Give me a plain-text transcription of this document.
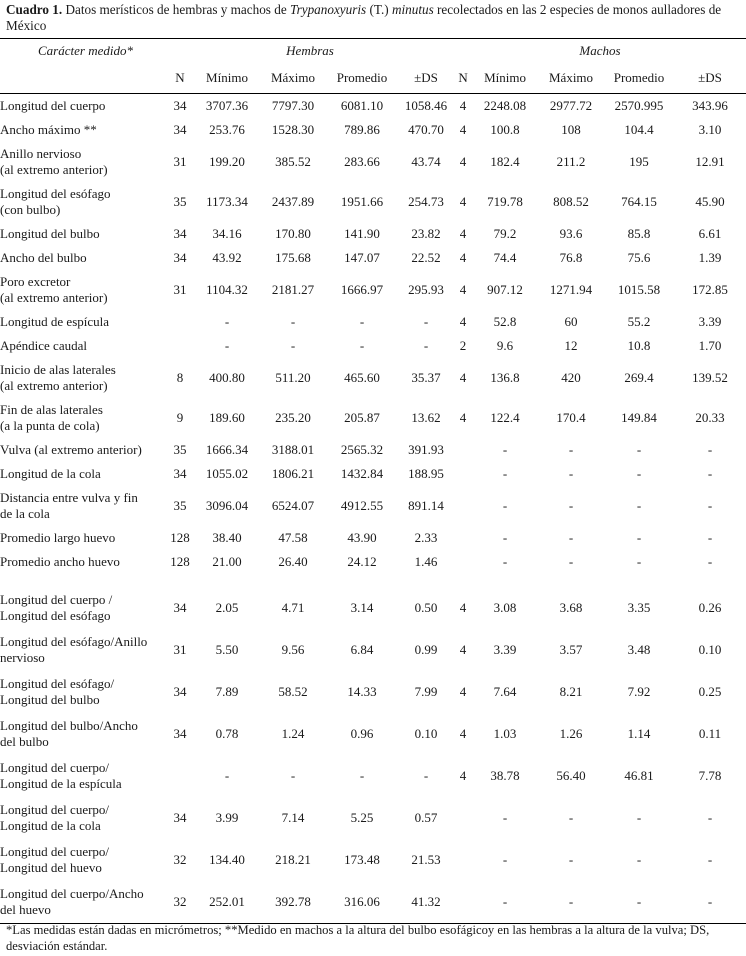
Cuadro 1. Datos merísticos de hembras y machos de Trypanoxyuris (T.) minutus recolectados en las 2 especies de monos aulladores de México
Carácter medido*	Hembras					Machos				
	N	Mínimo	Máximo	Promedio	±DS	N	Mínimo	Máximo	Promedio	±DS
Longitud del cuerpo	34	3707.36	7797.30	6081.10	1058.46	4	2248.08	2977.72	2570.995	343.96
Ancho máximo **	34	253.76	1528.30	789.86	470.70	4	100.8	108	104.4	3.10
Anillo nervioso
(al extremo anterior)	31	199.20	385.52	283.66	43.74	4	182.4	211.2	195	12.91
Longitud del esófago
(con bulbo)	35	1173.34	2437.89	1951.66	254.73	4	719.78	808.52	764.15	45.90
Longitud del bulbo	34	34.16	170.80	141.90	23.82	4	79.2	93.6	85.8	6.61
Ancho del bulbo	34	43.92	175.68	147.07	22.52	4	74.4	76.8	75.6	1.39
Poro excretor
(al extremo anterior)	31	1104.32	2181.27	1666.97	295.93	4	907.12	1271.94	1015.58	172.85
Longitud de espícula		-	-	-	-	4	52.8	60	55.2	3.39
Apéndice caudal		-	-	-	-	2	9.6	12	10.8	1.70
Inicio de alas laterales
(al extremo anterior)	8	400.80	511.20	465.60	35.37	4	136.8	420	269.4	139.52
Fin de alas laterales
(a la punta de cola)	9	189.60	235.20	205.87	13.62	4	122.4	170.4	149.84	20.33
Vulva (al extremo anterior)	35	1666.34	3188.01	2565.32	391.93		-	-	-	-
Longitud de la cola	34	1055.02	1806.21	1432.84	188.95		-	-	-	-
Distancia entre vulva y fin
de la cola	35	3096.04	6524.07	4912.55	891.14		-	-	-	-
Promedio largo huevo	128	38.40	47.58	43.90	2.33		-	-	-	-
Promedio ancho huevo	128	21.00	26.40	24.12	1.46		-	-	-	-

Longitud del cuerpo /
Longitud del esófago	34	2.05	4.71	3.14	0.50	4	3.08	3.68	3.35	0.26
Longitud del esófago/Anillo
nervioso	31	5.50	9.56	6.84	0.99	4	3.39	3.57	3.48	0.10
Longitud del esófago/
Longitud del bulbo	34	7.89	58.52	14.33	7.99	4	7.64	8.21	7.92	0.25
Longitud del bulbo/Ancho
del bulbo	34	0.78	1.24	0.96	0.10	4	1.03	1.26	1.14	0.11
Longitud del cuerpo/
Longitud de la espícula		-	-	-	-	4	38.78	56.40	46.81	7.78
Longitud del cuerpo/
Longitud de la cola	34	3.99	7.14	5.25	0.57		-	-	-	-
Longitud del cuerpo/
Longitud del huevo	32	134.40	218.21	173.48	21.53		-	-	-	-
Longitud del cuerpo/Ancho
del huevo	32	252.01	392.78	316.06	41.32		-	-	-	-
*Las medidas están dadas en micrómetros; **Medido en machos a la altura del bulbo esofágicoy en las hembras a la altura de la vulva; DS, desviación estándar.
